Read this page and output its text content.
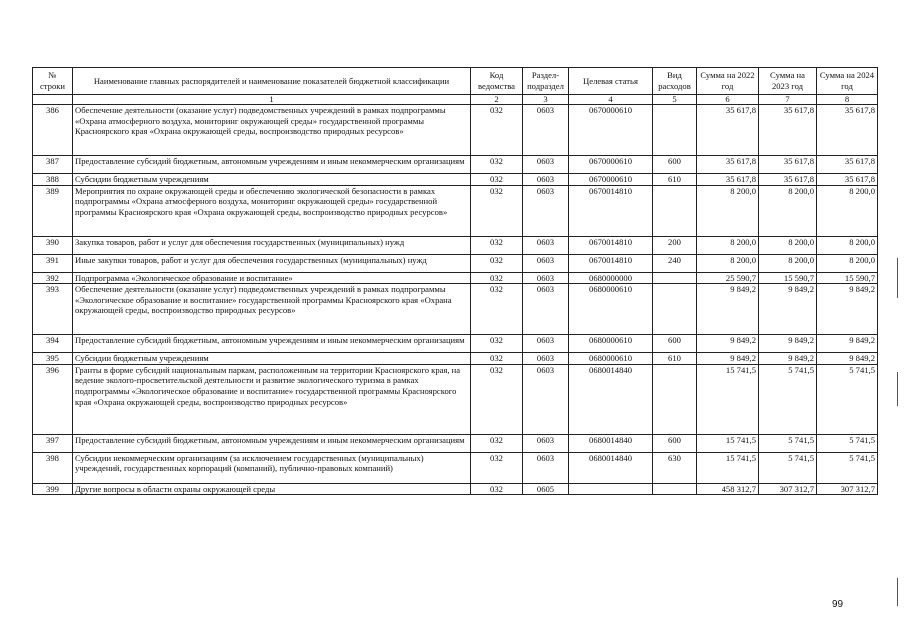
№ строки	Наименование главных распорядителей и наименование показателей бюджетной классификации	Код ведомства	Раздел-подраздел	Целевая статья	Вид расходов	Сумма на 2022 год	Сумма на 2023 год	Сумма на 2024 год
	1	2	3	4	5	6	7	8
386	Обеспечение деятельности (оказание услуг) подведомственных учреждений в рамках подпрограммы «Охрана атмосферного воздуха, мониторинг окружающей среды» государственной программы Красноярского края «Охрана окружающей среды, воспроизводство природных ресурсов»	032	0603	0670000610		35 617,8	35 617,8	35 617,8
387	Предоставление субсидий бюджетным, автономным учреждениям и иным некоммерческим организациям	032	0603	0670000610	600	35 617,8	35 617,8	35 617,8
388	Субсидии бюджетным учреждениям	032	0603	0670000610	610	35 617,8	35 617,8	35 617,8
389	Мероприятия по охране окружающей среды и обеспечению экологической безопасности в рамках подпрограммы «Охрана атмосферного воздуха, мониторинг окружающей среды» государственной программы Красноярского края «Охрана окружающей среды, воспроизводство природных ресурсов»	032	0603	0670014810		8 200,0	8 200,0	8 200,0
390	Закупка товаров, работ и услуг для обеспечения государственных (муниципальных) нужд	032	0603	0670014810	200	8 200,0	8 200,0	8 200,0
391	Иные закупки товаров, работ и услуг для обеспечения государственных (муниципальных) нужд	032	0603	0670014810	240	8 200,0	8 200,0	8 200,0
392	Подпрограмма «Экологическое образование и воспитание»	032	0603	0680000000		25 590,7	15 590,7	15 590,7
393	Обеспечение деятельности (оказание услуг) подведомственных учреждений в рамках подпрограммы «Экологическое образование и воспитание» государственной программы Красноярского края «Охрана окружающей среды, воспроизводство природных ресурсов»	032	0603	0680000610		9 849,2	9 849,2	9 849,2
394	Предоставление субсидий бюджетным, автономным учреждениям и иным некоммерческим организациям	032	0603	0680000610	600	9 849,2	9 849,2	9 849,2
395	Субсидии бюджетным учреждениям	032	0603	0680000610	610	9 849,2	9 849,2	9 849,2
396	Гранты в форме субсидий национальным паркам, расположенным на территории Красноярского края, на ведение эколого-просветительской деятельности и развитие экологического туризма в рамках подпрограммы «Экологическое образование и воспитание» государственной программы Красноярского края «Охрана окружающей среды, воспроизводство природных ресурсов»	032	0603	0680014840		15 741,5	5 741,5	5 741,5
397	Предоставление субсидий бюджетным, автономным учреждениям и иным некоммерческим организациям	032	0603	0680014840	600	15 741,5	5 741,5	5 741,5
398	Субсидии некоммерческим организациям (за исключением государственных (муниципальных) учреждений, государственных корпораций (компаний), публично-правовых компаний)	032	0603	0680014840	630	15 741,5	5 741,5	5 741,5
399	Другие вопросы в области охраны окружающей среды	032	0605			458 312,7	307 312,7	307 312,7
99
